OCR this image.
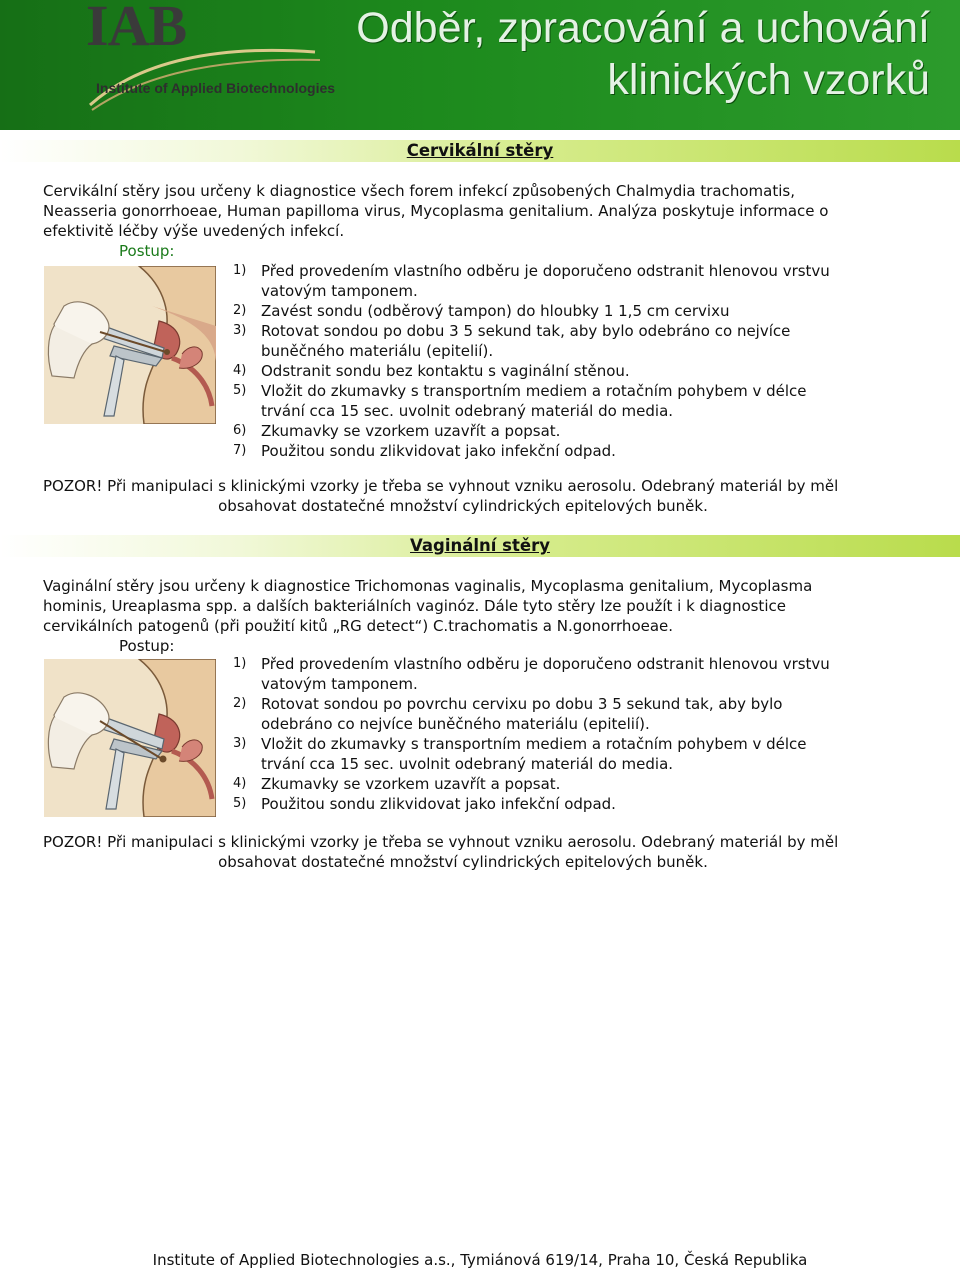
IAB
Institute of Applied Biotechnologies
Odběr, zpracování a uchování
klinických vzorků
Cervikální stěry

Cervikální stěry jsou určeny k diagnostice všech forem infekcí způsobených Chalmydia trachomatis,
Neasseria gonorrhoeae, Human papilloma virus, Mycoplasma genitalium. Analýza poskytuje informace o
efektivitě léčby výše uvedených infekcí.

Postup:
1) Před provedením vlastního odběru je doporučeno odstranit hlenovou vrstvu
vatovým tamponem.
2) Zavést sondu (odběrový tampon) do hloubky 1 1,5 cm cervixu
3) Rotovat sondou po dobu 3 5 sekund tak, aby bylo odebráno co nejvíce
buněčného materiálu (epitelií).
4) Odstranit sondu bez kontaktu s vaginální stěnou.
5) Vložit do zkumavky s transportním mediem a rotačním pohybem v délce
trvání cca 15 sec. uvolnit odebraný materiál do media.
6) Zkumavky se vzorkem uzavřít a popsat.
7) Použitou sondu zlikvidovat jako infekční odpad.

POZOR! Při manipulaci s klinickými vzorky je třeba se vyhnout vzniku aerosolu. Odebraný materiál by měl
obsahovat dostatečné množství cylindrických epitelových buněk.

Vaginální stěry

Vaginální stěry jsou určeny k diagnostice Trichomonas vaginalis, Mycoplasma genitalium, Mycoplasma
hominis, Ureaplasma spp. a dalších bakteriálních vaginóz. Dále tyto stěry lze použít i k diagnostice
cervikálních patogenů (při použití kitů „RG detect“) C.trachomatis a N.gonorrhoeae.

Postup:
1) Před provedením vlastního odběru je doporučeno odstranit hlenovou vrstvu
vatovým tamponem.
2) Rotovat sondou po povrchu cervixu po dobu 3 5 sekund tak, aby bylo
odebráno co nejvíce buněčného materiálu (epitelií).
3) Vložit do zkumavky s transportním mediem a rotačním pohybem v délce
trvání cca 15 sec. uvolnit odebraný materiál do media.
4) Zkumavky se vzorkem uzavřít a popsat.
5) Použitou sondu zlikvidovat jako infekční odpad.

POZOR! Při manipulaci s klinickými vzorky je třeba se vyhnout vzniku aerosolu. Odebraný materiál by měl
obsahovat dostatečné množství cylindrických epitelových buněk.

Institute of Applied Biotechnologies a.s., Tymiánová 619/14, Praha 10, Česká Republika
